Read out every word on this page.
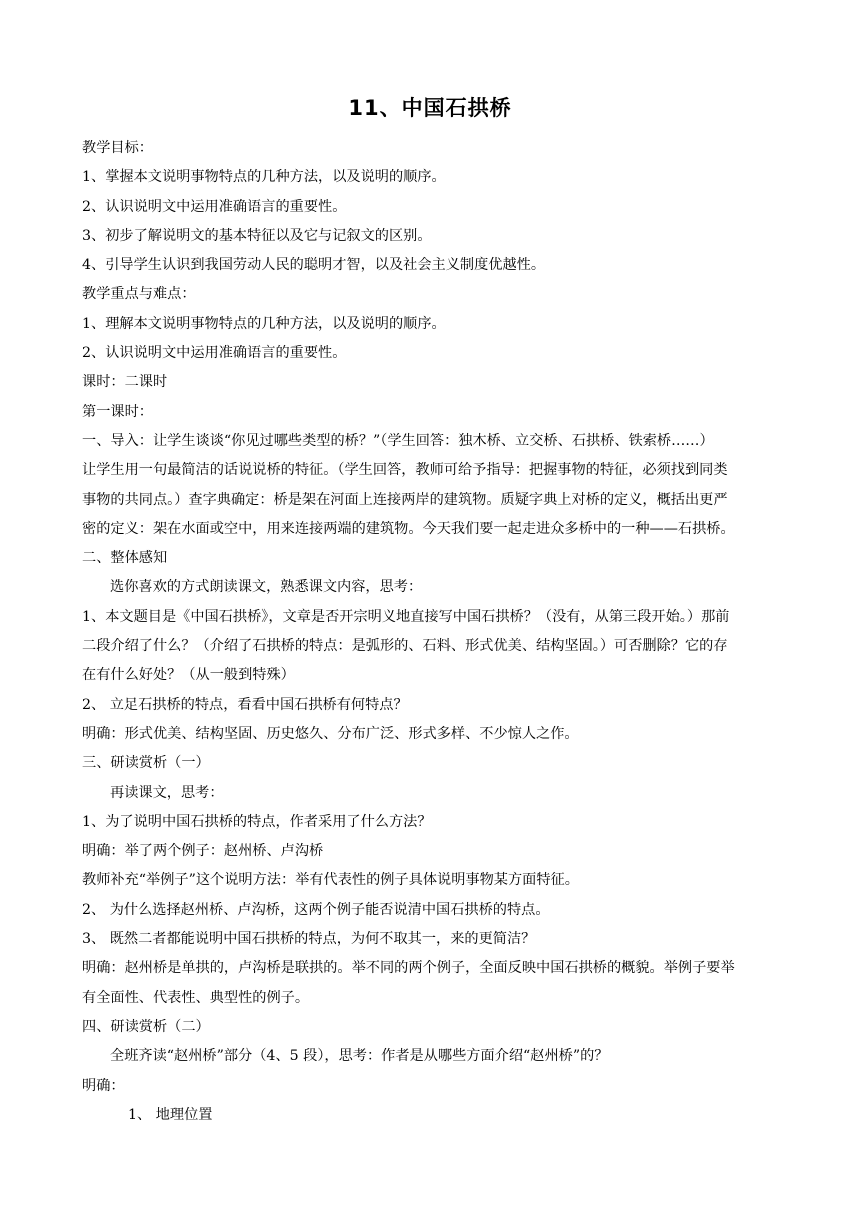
11、中国石拱桥
教学目标：
1、掌握本文说明事物特点的几种方法，以及说明的顺序。
2、认识说明文中运用准确语言的重要性。
3、初步了解说明文的基本特征以及它与记叙文的区别。
4、引导学生认识到我国劳动人民的聪明才智，以及社会主义制度优越性。
教学重点与难点：
1、理解本文说明事物特点的几种方法，以及说明的顺序。
2、认识说明文中运用准确语言的重要性。
课时：二课时
第一课时：
一、导入：让学生谈谈“你见过哪些类型的桥？”（学生回答：独木桥、立交桥、石拱桥、铁索桥……）
让学生用一句最简洁的话说说桥的特征。（学生回答，教师可给予指导：把握事物的特征，必须找到同类
事物的共同点。）查字典确定：桥是架在河面上连接两岸的建筑物。质疑字典上对桥的定义，概括出更严
密的定义：架在水面或空中，用来连接两端的建筑物。今天我们要一起走进众多桥中的一种——石拱桥。
二、整体感知
选你喜欢的方式朗读课文，熟悉课文内容，思考：
1、本文题目是《中国石拱桥》，文章是否开宗明义地直接写中国石拱桥？（没有，从第三段开始。）那前
二段介绍了什么？（介绍了石拱桥的特点：是弧形的、石料、形式优美、结构坚固。）可否删除？它的存
在有什么好处？（从一般到特殊）
2、 立足石拱桥的特点，看看中国石拱桥有何特点？
明确：形式优美、结构坚固、历史悠久、分布广泛、形式多样、不少惊人之作。
三、研读赏析（一）
再读课文，思考：
1、为了说明中国石拱桥的特点，作者采用了什么方法？
明确：举了两个例子：赵州桥、卢沟桥
教师补充“举例子”这个说明方法：举有代表性的例子具体说明事物某方面特征。
2、 为什么选择赵州桥、卢沟桥，这两个例子能否说清中国石拱桥的特点。
3、 既然二者都能说明中国石拱桥的特点，为何不取其一，来的更简洁？
明确：赵州桥是单拱的，卢沟桥是联拱的。举不同的两个例子，全面反映中国石拱桥的概貌。举例子要举
有全面性、代表性、典型性的例子。
四、研读赏析（二）
全班齐读“赵州桥”部分（4、5 段），思考：作者是从哪些方面介绍“赵州桥”的？
明确：
1、 地理位置
